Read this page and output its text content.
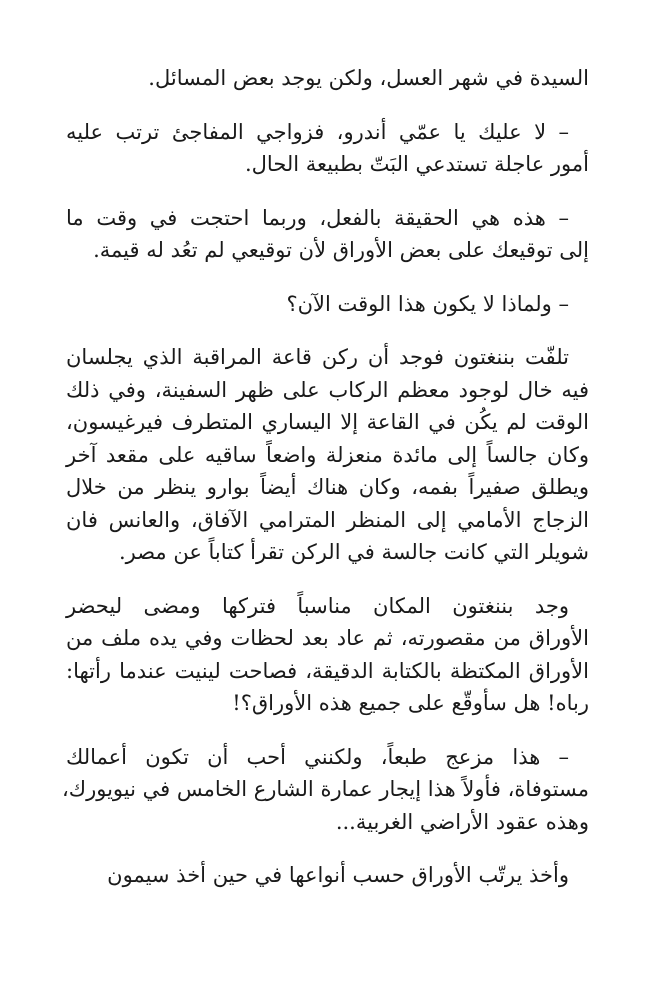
السيدة في شهر العسل، ولكن يوجد بعض المسائل.

– لا عليك يا عمّي أندرو، فزواجي المفاجئ ترتب عليه
أمور عاجلة تستدعي البَتّ بطبيعة الحال.

– هذه هي الحقيقة بالفعل، وربما احتجت في وقت ما
إلى توقيعك على بعض الأوراق لأن توقيعي لم تعُد له قيمة.

– ولماذا لا يكون هذا الوقت الآن؟

تلفّت بننغتون فوجد أن ركن قاعة المراقبة الذي يجلسان
فيه خال لوجود معظم الركاب على ظهر السفينة، وفي ذلك
الوقت لم يكُن في القاعة إلا اليساري المتطرف فيرغيسون،
وكان جالساً إلى مائدة منعزلة واضعاً ساقيه على مقعد آخر
ويطلق صفيراً بفمه، وكان هناك أيضاً بوارو ينظر من خلال
الزجاج الأمامي إلى المنظر المترامي الآفاق، والعانس فان
شويلر التي كانت جالسة في الركن تقرأ كتاباً عن مصر.

وجد بننغتون المكان مناسباً فتركها ومضى ليحضر
الأوراق من مقصورته، ثم عاد بعد لحظات وفي يده ملف من
الأوراق المكتظة بالكتابة الدقيقة، فصاحت لينيت عندما رأتها:
رباه! هل سأوقّع على جميع هذه الأوراق؟!

– هذا مزعج طبعاً، ولكنني أحب أن تكون أعمالك
مستوفاة، فأولاً هذا إيجار عمارة الشارع الخامس في نيويورك،
وهذه عقود الأراضي الغربية...

وأخذ يرتّب الأوراق حسب أنواعها في حين أخذ سيمون
